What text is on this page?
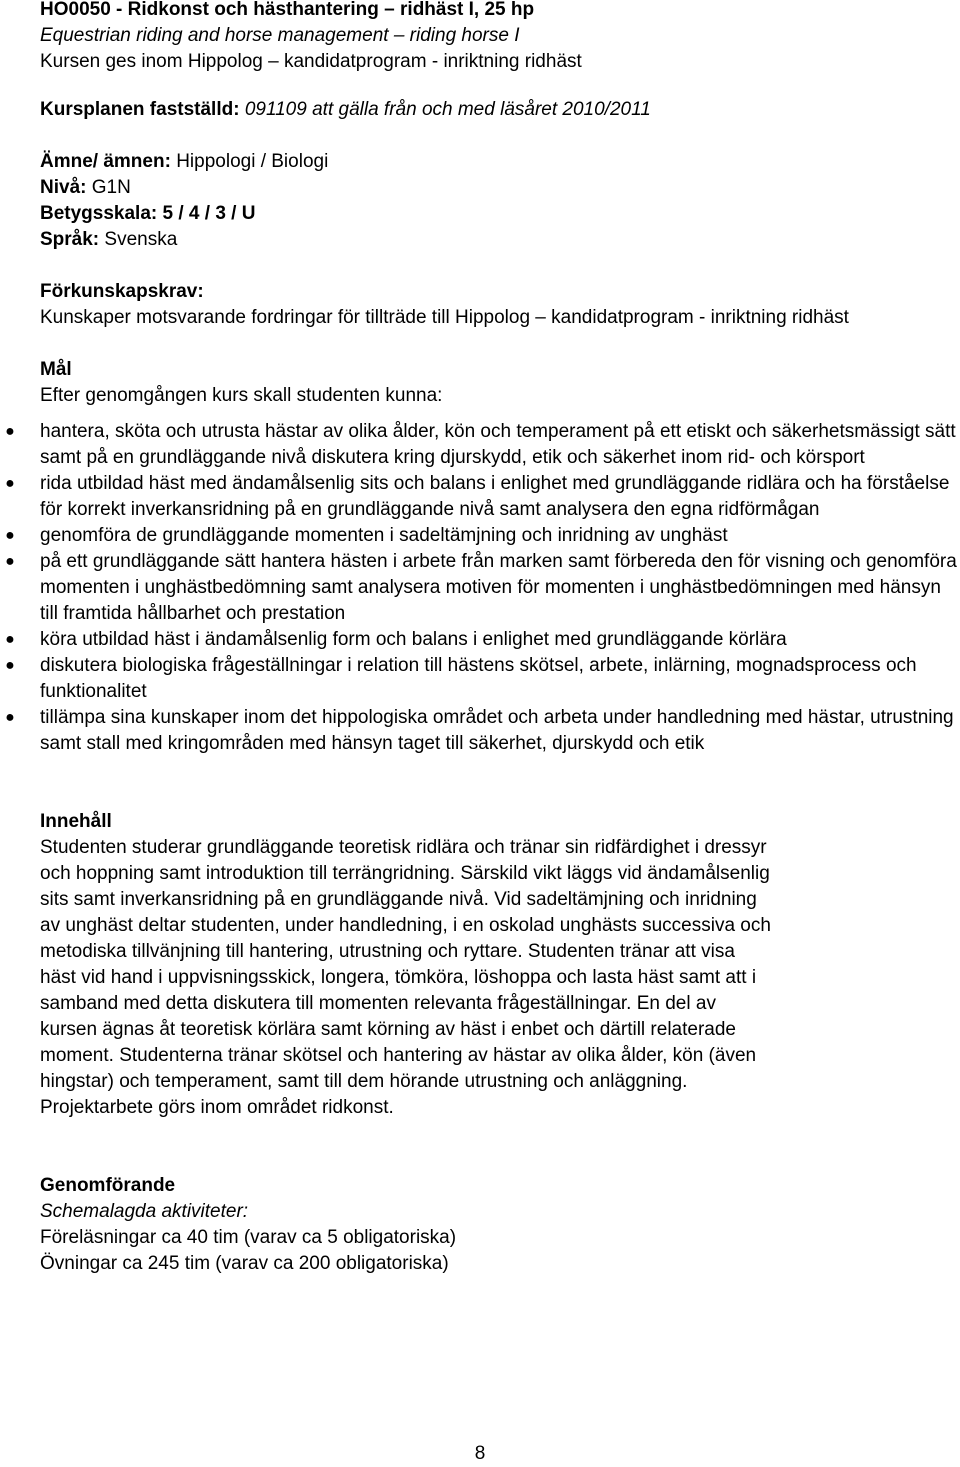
HO0050 - Ridkonst och hästhantering – ridhäst I, 25 hp

Equestrian riding and horse management – riding horse I

Kursen ges inom Hippolog – kandidatprogram - inriktning ridhäst

Kursplanen fastställd: 091109 att gälla från och med läsåret 2010/2011

Ämne/ ämnen: Hippologi / Biologi

Nivå: G1N

Betygsskala: 5 / 4 / 3 / U

Språk: Svenska

Förkunskapskrav:

Kunskaper motsvarande fordringar för tillträde till Hippolog – kandidatprogram - inriktning ridhäst

Mål

Efter genomgången kurs skall studenten kunna:

● hantera, sköta och utrusta hästar av olika ålder, kön och temperament på ett etiskt och säkerhetsmässigt sätt samt på en grundläggande nivå diskutera kring djurskydd, etik och säkerhet inom rid- och körsport
● rida utbildad häst med ändamålsenlig sits och balans i enlighet med grundläggande ridlära och ha förståelse för korrekt inverkansridning på en grundläggande nivå samt analysera den egna ridförmågan
● genomföra de grundläggande momenten i sadeltämjning och inridning av unghäst
● på ett grundläggande sätt hantera hästen i arbete från marken samt förbereda den för visning och genomföra momenten i unghästbedömning samt analysera motiven för momenten i unghästbedömningen med hänsyn till framtida hållbarhet och prestation
● köra utbildad häst i ändamålsenlig form och balans i enlighet med grundläggande körlära
● diskutera biologiska frågeställningar i relation till hästens skötsel, arbete, inlärning, mognadsprocess och funktionalitet
● tillämpa sina kunskaper inom det hippologiska området och arbeta under handledning med hästar, utrustning samt stall med kringområden med hänsyn taget till säkerhet, djurskydd och etik

Innehåll

Studenten studerar grundläggande teoretisk ridlära och tränar sin ridfärdighet i dressyr

och hoppning samt introduktion till terrängridning. Särskild vikt läggs vid ändamålsenlig

sits samt inverkansridning på en grundläggande nivå. Vid sadeltämjning och inridning

av unghäst deltar studenten, under handledning, i en oskolad unghästs successiva och

metodiska tillvänjning till hantering, utrustning och ryttare. Studenten tränar att visa

häst vid hand i uppvisningsskick, longera, tömköra, löshoppa och lasta häst samt att i

samband med detta diskutera till momenten relevanta frågeställningar. En del av

kursen ägnas åt teoretisk körlära samt körning av häst i enbet och därtill relaterade

moment. Studenterna tränar skötsel och hantering av hästar av olika ålder, kön (även

hingstar) och temperament, samt till dem hörande utrustning och anläggning.

Projektarbete görs inom området ridkonst.

Genomförande

Schemalagda aktiviteter:

Föreläsningar ca 40 tim (varav ca 5 obligatoriska)

Övningar ca 245 tim (varav ca 200 obligatoriska)

8
